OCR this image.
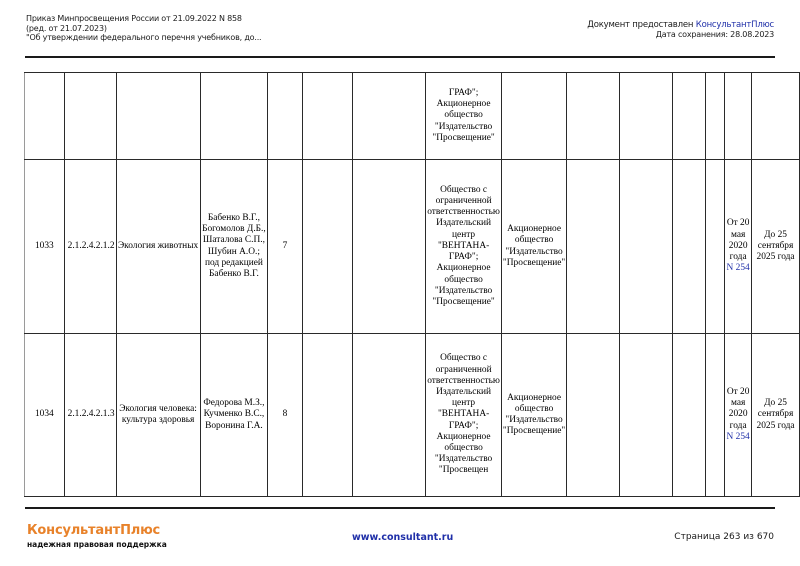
Приказ Минпросвещения России от 21.09.2022 N 858
(ред. от 21.07.2023)
"Об утверждении федерального перечня учебников, до...
Документ предоставлен КонсультантПлюс
Дата сохранения: 28.08.2023
							ГРАФ"; Акционерное общество "Издательство "Просвещение"							
1033	2.1.2.4.2.1.2	Экология животных	Бабенко В.Г., Богомолов Д.Б., Шаталова С.П., Шубин А.О.; под редакцией Бабенко В.Г.	7			Общество с ограниченной ответственностью Издательский центр "ВЕНТАНА-ГРАФ"; Акционерное общество "Издательство "Просвещение"	Акционерное общество "Издательство "Просвещение"					От 20 мая 2020 года N 254	До 25 сентября 2025 года
1034	2.1.2.4.2.1.3	Экология человека: культура здоровья	Федорова М.З., Кучменко В.С., Воронина Г.А.	8			Общество с ограниченной ответственностью Издательский центр "ВЕНТАНА-ГРАФ"; Акционерное общество "Издательство "Просвещен	Акционерное общество "Издательство "Просвещение"					От 20 мая 2020 года N 254	До 25 сентября 2025 года
КонсультантПлюс
надежная правовая поддержка
www.consultant.ru	Страница 263 из 670
